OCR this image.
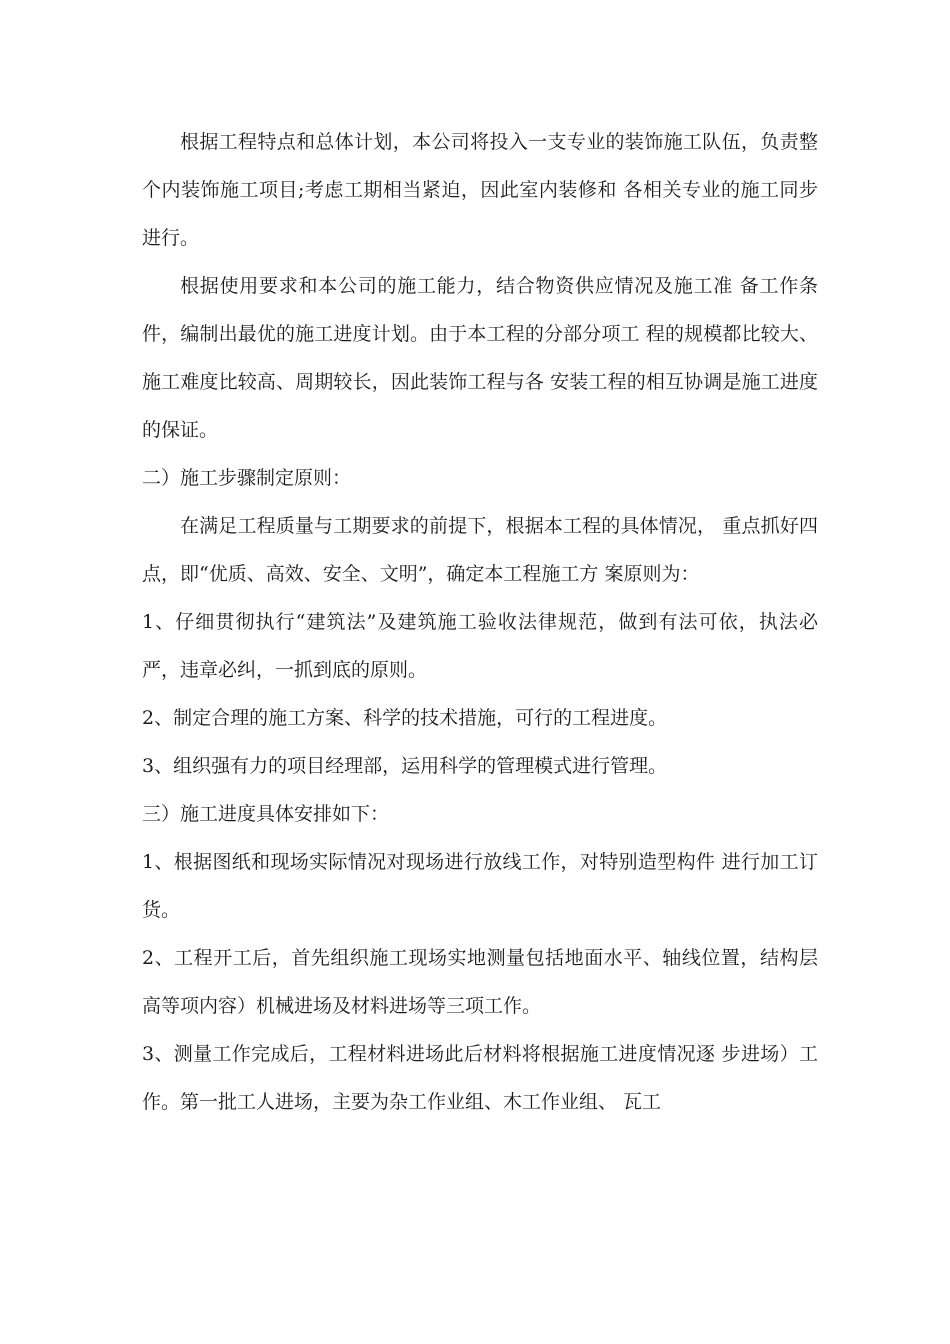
根据工程特点和总体计划，本公司将投入一支专业的装饰施工队伍，负责整个内装饰施工项目;考虑工期相当紧迫，因此室内装修和 各相关专业的施工同步进行。

根据使用要求和本公司的施工能力，结合物资供应情况及施工准 备工作条件，编制出最优的施工进度计划。由于本工程的分部分项工 程的规模都比较大、施工难度比较高、周期较长，因此装饰工程与各 安装工程的相互协调是施工进度的保证。

二）施工步骤制定原则：

在满足工程质量与工期要求的前提下，根据本工程的具体情况， 重点抓好四点，即“优质、高效、安全、文明”，确定本工程施工方 案原则为：

1、仔细贯彻执行“建筑法”及建筑施工验收法律规范，做到有法可依，执法必严，违章必纠，一抓到底的原则。

2、制定合理的施工方案、科学的技术措施，可行的工程进度。

3、组织强有力的项目经理部，运用科学的管理模式进行管理。

三）施工进度具体安排如下：

1、根据图纸和现场实际情况对现场进行放线工作，对特别造型构件 进行加工订货。

2、工程开工后，首先组织施工现场实地测量包括地面水平、轴线位置，结构层高等项内容）机械进场及材料进场等三项工作。

3、测量工作完成后，工程材料进场此后材料将根据施工进度情况逐 步进场）工作。第一批工人进场，主要为杂工作业组、木工作业组、 瓦工
